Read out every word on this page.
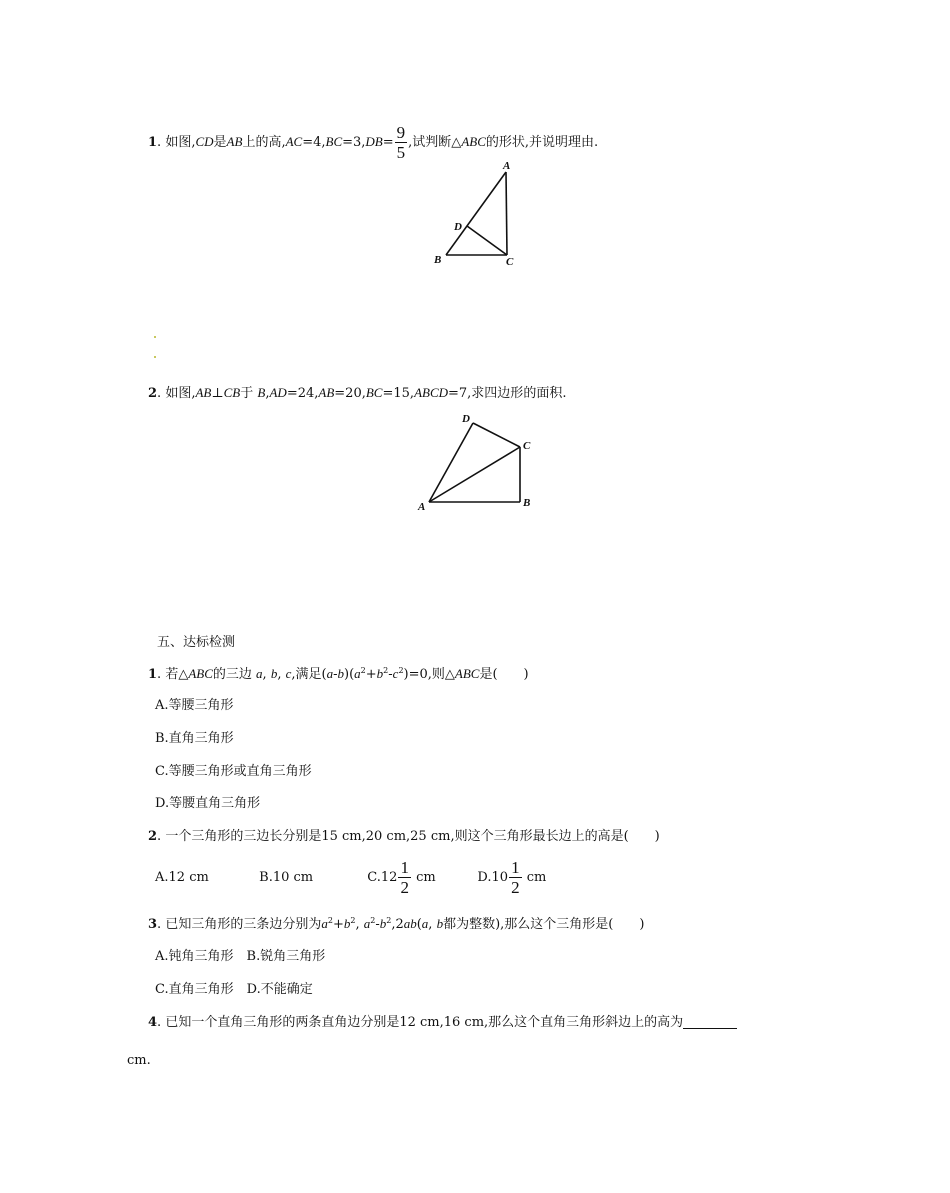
1. 如图,CD是AB上的高$,AC=4,BC=3,DB= \frac{9}{5}$ ,试判断△ABC的形状,并说明理由.
A
B	C
D
2. 如图,AB⊥CB于 B,AD=24,AB=20,BC=15,ABCD=7,求四边形的面积.
D
C
A	B
五、达标检测
1. 若△ABC的三边 a, b, c,满足$(a-b)(a^2+b^2-c^2)=0$,则△ABC是(　　)
A.等腰三角形
B.直角三角形
C.等腰三角形或直角三角形
D.等腰直角三角形
2. 一个三角形的三边长分别是15 cm,20 cm,25 cm,则这个三角形最长边上的高是(　　)
A.12 cm	B.10 cm	$C.12 \frac{1}{2}$ cm	$D.10 \frac{1}{2}$ cm
3. 已知三角形的三条边分别为$a^2+b^2$, $a^2-b^2,2ab(a$, b都为整数),那么这个三角形是(　　)
A.钝角三角形　B.锐角三角形
C.直角三角形　D.不能确定
4. 已知一个直角三角形的两条直角边分别是12 cm,16 cm,那么这个直角三角形斜边上的高为
cm.
